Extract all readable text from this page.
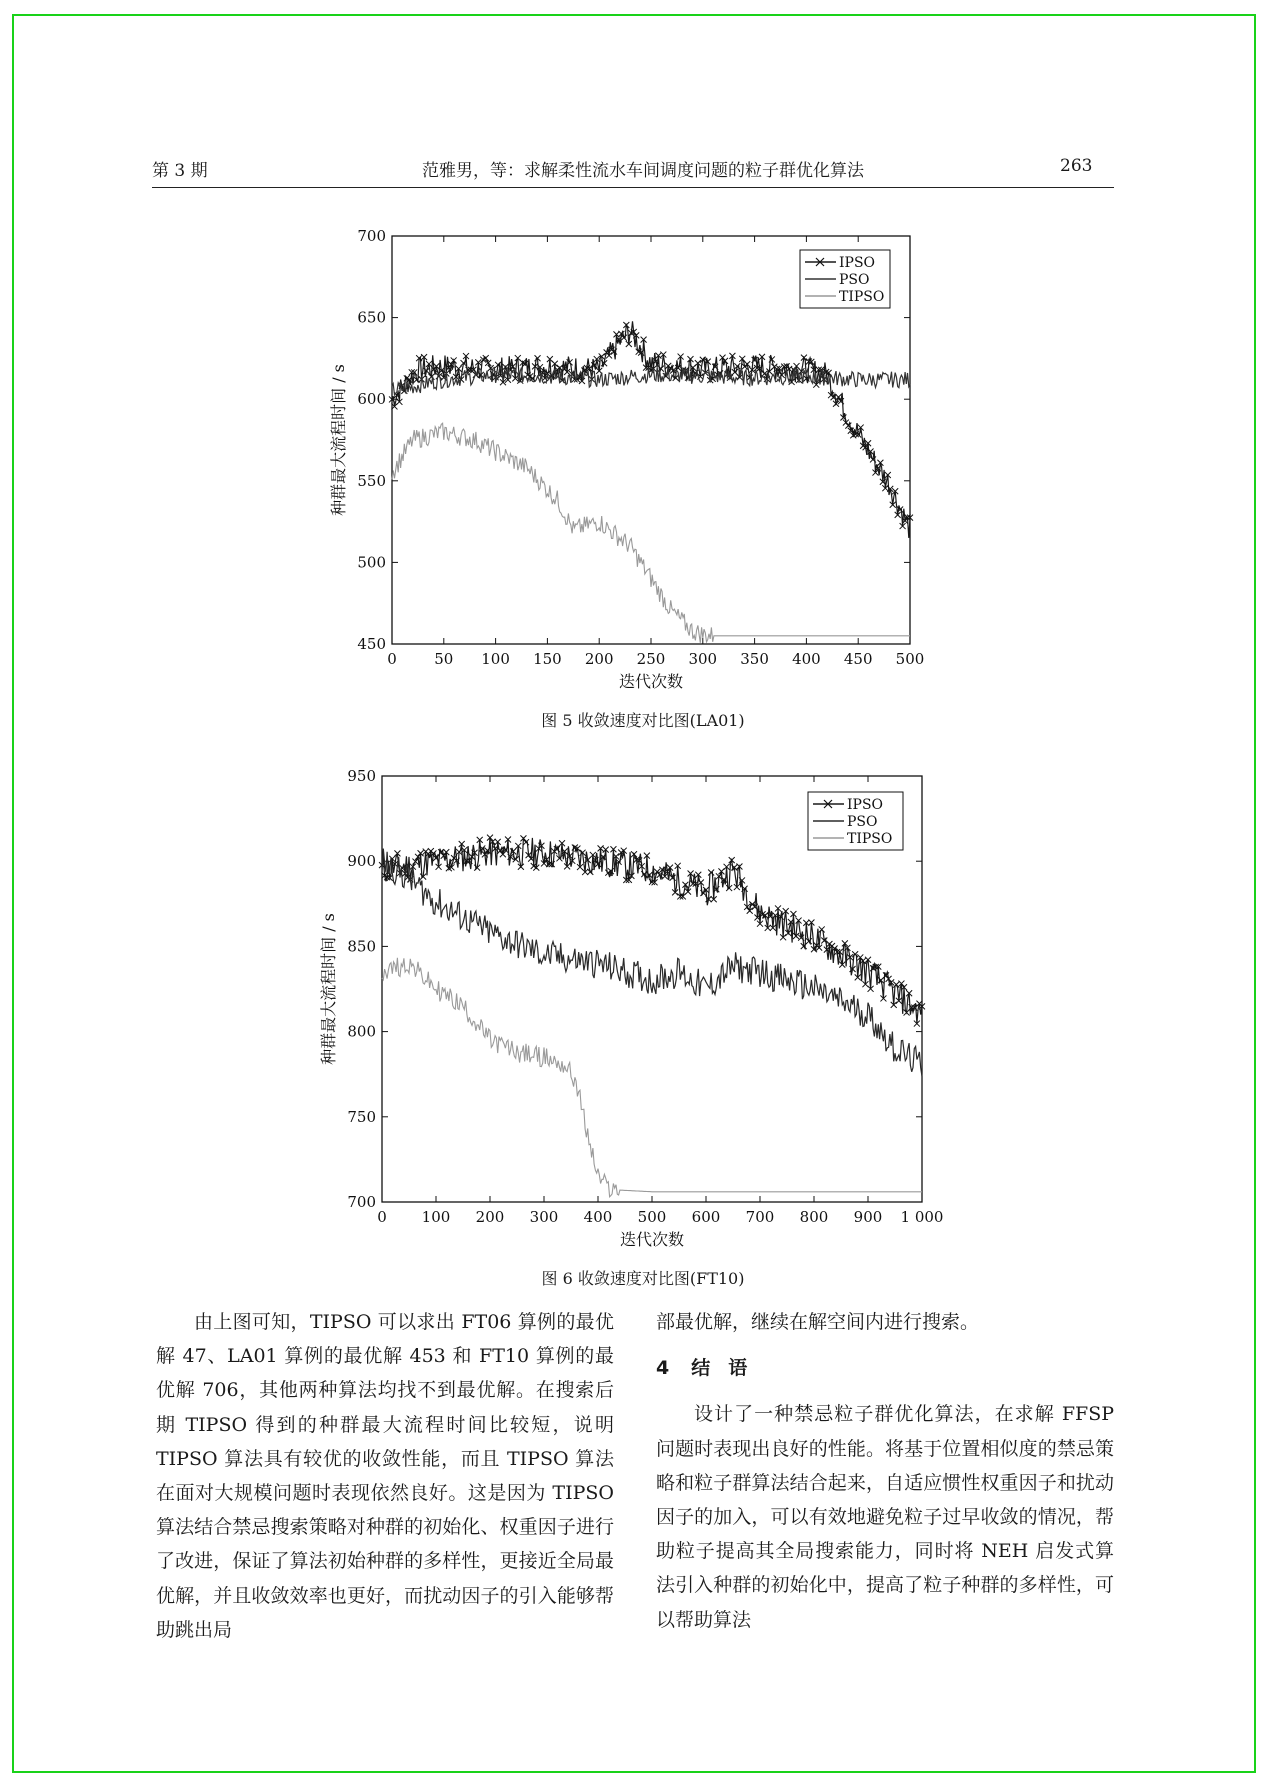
第 3 期	范雅男，等：求解柔性流水车间调度问题的粒子群优化算法	263
0 50 100 150 200 250 300 350 400 450 500
450
500
550
600
650
700
迭代次数
种群最大流程时间 / s
IPSO
PSO
TIPSO
图 5 收敛速度对比图(LA01)
0 100 200 300 400 500 600 700 800 900 1 000
700
750
800
850
900
950
迭代次数
种群最大流程时间 / s
IPSO
PSO
TIPSO
图 6 收敛速度对比图(FT10)

由上图可知，TIPSO 可以求出 FT06 算例的最优解 47、LA01 算例的最优解 453 和 FT10 算例的最优解 706，其他两种算法均找不到最优解。在搜索后期 TIPSO 得到的种群最大流程时间比较短，说明 TIPSO 算法具有较优的收敛性能，而且 TIPSO 算法在面对大规模问题时表现依然良好。这是因为 TIPSO 算法结合禁忌搜索策略对种群的初始化、权重因子进行了改进，保证了算法初始种群的多样性，更接近全局最优解，并且收敛效率也更好，而扰动因子的引入能够帮助跳出局

部最优解，继续在解空间内进行搜索。

4 结 语

设计了一种禁忌粒子群优化算法，在求解 FFSP 问题时表现出良好的性能。将基于位置相似度的禁忌策略和粒子群算法结合起来，自适应惯性权重因子和扰动因子的加入，可以有效地避免粒子过早收敛的情况，帮助粒子提高其全局搜索能力，同时将 NEH 启发式算法引入种群的初始化中，提高了粒子种群的多样性，可以帮助算法
